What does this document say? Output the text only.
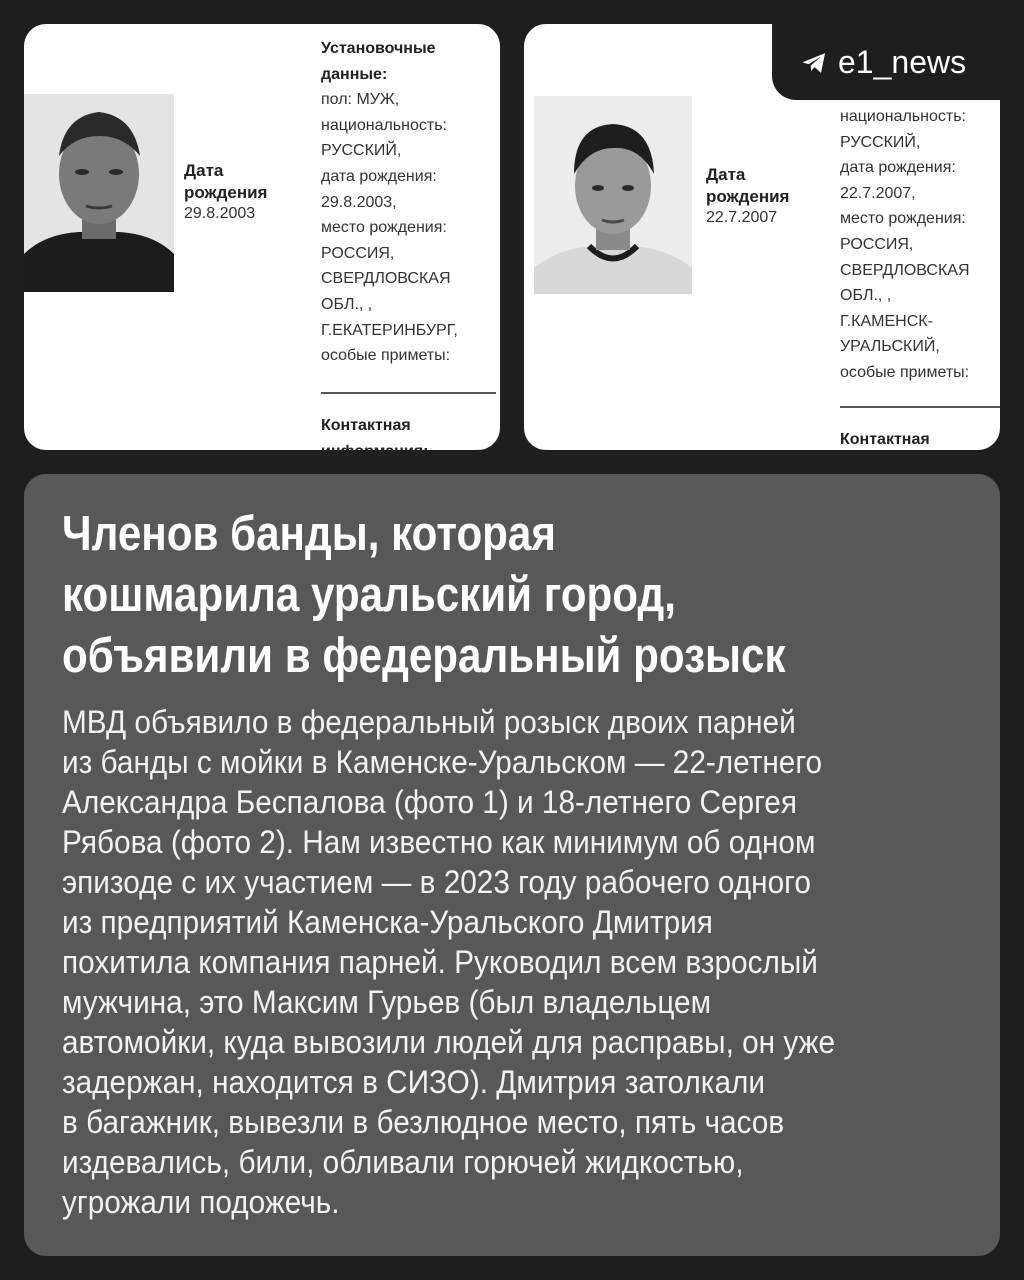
Дата
рождения
29.8.2003
Установочные
данные:
пол: МУЖ,
национальность:
РУССКИЙ,
дата рождения:
29.8.2003,
место рождения:
РОССИЯ,
СВЕРДЛОВСКАЯ
ОБЛ., ,
Г.ЕКАТЕРИНБУРГ,
особые приметы:
Контактная
информация:
Дата
рождения
22.7.2007
национальность:
РУССКИЙ,
дата рождения:
22.7.2007,
место рождения:
РОССИЯ,
СВЕРДЛОВСКАЯ
ОБЛ., ,
Г.КАМЕНСК-
УРАЛЬСКИЙ,
особые приметы:
Контактная
e1_news
Членов банды, которая
кошмарила уральский город,
объявили в федеральный розыск

МВД объявило в федеральный розыск двоих парней
из банды с мойки в Каменске-Уральском — 22-летнего
Александра Беспалова (фото 1) и 18-летнего Сергея
Рябова (фото 2). Нам известно как минимум об одном
эпизоде с их участием — в 2023 году рабочего одного
из предприятий Каменска-Уральского Дмитрия
похитила компания парней. Руководил всем взрослый
мужчина, это Максим Гурьев (был владельцем
автомойки, куда вывозили людей для расправы, он уже
задержан, находится в СИЗО). Дмитрия затолкали
в багажник, вывезли в безлюдное место, пять часов
издевались, били, обливали горючей жидкостью,
угрожали подожечь.
